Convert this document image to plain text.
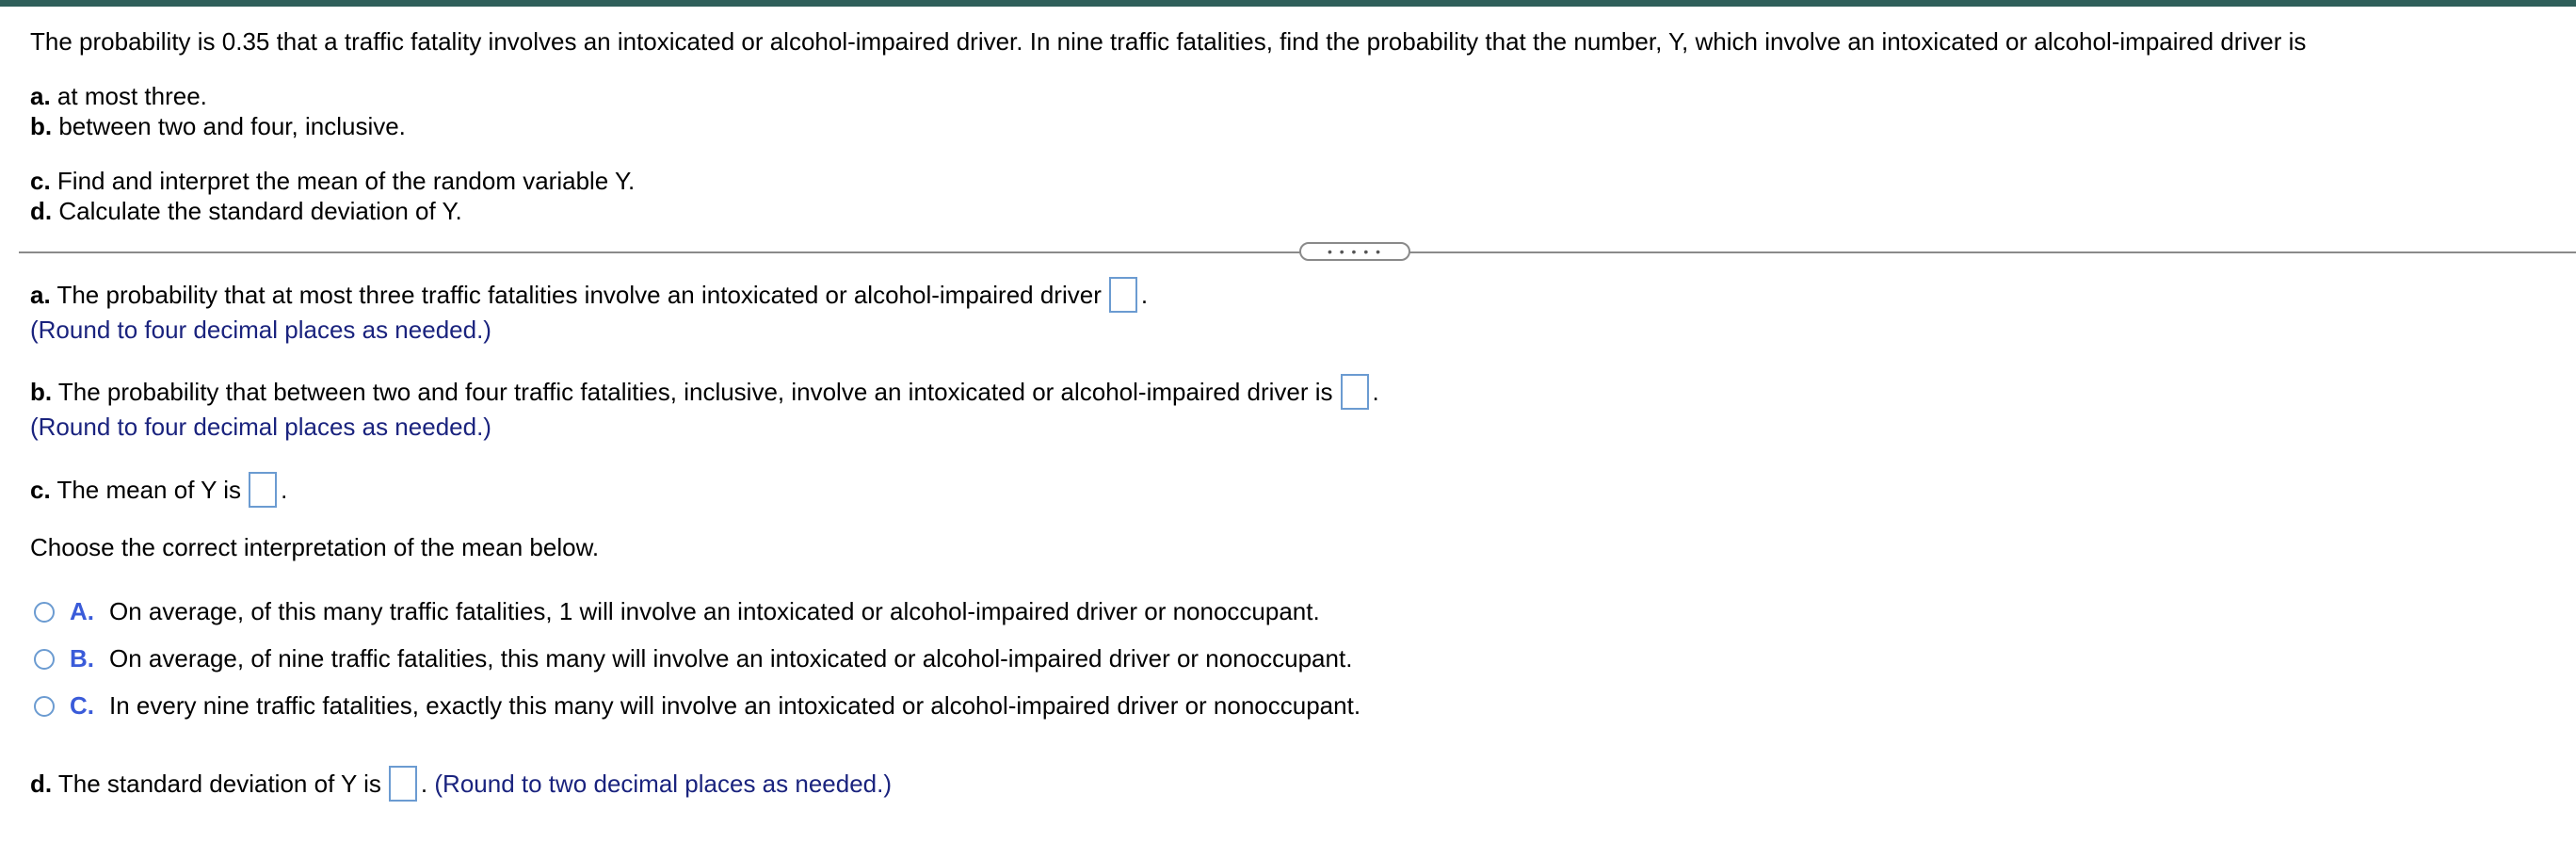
The probability is 0.35 that a traffic fatality involves an intoxicated or alcohol-impaired driver. In nine traffic fatalities, find the probability that the number, Y, which involve an intoxicated or alcohol-impaired driver is
a. at most three.
b. between two and four, inclusive.
c. Find and interpret the mean of the random variable Y.
d. Calculate the standard deviation of Y.
• • • • •
a. The probability that at most three traffic fatalities involve an intoxicated or alcohol-impaired driver .
(Round to four decimal places as needed.)
b. The probability that between two and four traffic fatalities, inclusive, involve an intoxicated or alcohol-impaired driver is .
(Round to four decimal places as needed.)
c. The mean of Y is .
Choose the correct interpretation of the mean below.
A. On average, of this many traffic fatalities, 1 will involve an intoxicated or alcohol-impaired driver or nonoccupant.
B. On average, of nine traffic fatalities, this many will involve an intoxicated or alcohol-impaired driver or nonoccupant.
C. In every nine traffic fatalities, exactly this many will involve an intoxicated or alcohol-impaired driver or nonoccupant.
d. The standard deviation of Y is . (Round to two decimal places as needed.)
